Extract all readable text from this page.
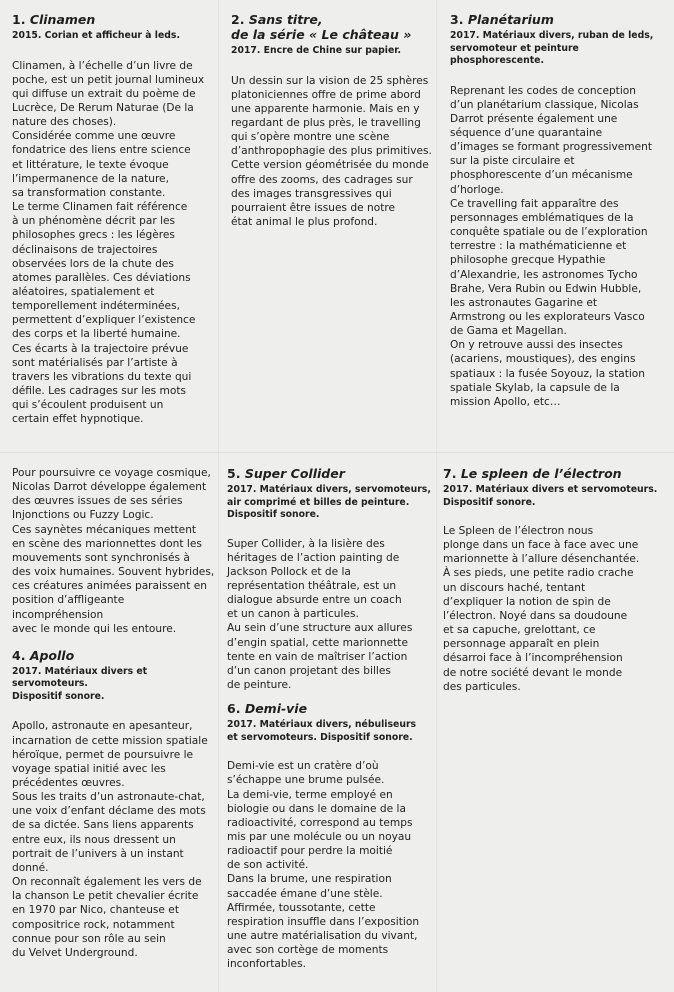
1. Clinamen

2015. Corian et afficheur à leds.

Clinamen, à l’échelle d’un livre de
poche, est un petit journal lumineux
qui diffuse un extrait du poème de
Lucrèce, De Rerum Naturae (De la
nature des choses).
Considérée comme une œuvre
fondatrice des liens entre science
et littérature, le texte évoque
l’impermanence de la nature,
sa transformation constante.
Le terme Clinamen fait référence
à un phénomène décrit par les
philosophes grecs : les légères
déclinaisons de trajectoires
observées lors de la chute des
atomes parallèles. Ces déviations
aléatoires, spatialement et
temporellement indéterminées,
permettent d’expliquer l’existence
des corps et la liberté humaine.
Ces écarts à la trajectoire prévue
sont matérialisés par l’artiste à
travers les vibrations du texte qui
défile. Les cadrages sur les mots
qui s’écoulent produisent un
certain effet hypnotique.
2. Sans titre,
de la série « Le château »

2017. Encre de Chine sur papier.

Un dessin sur la vision de 25 sphères
platoniciennes offre de prime abord
une apparente harmonie. Mais en y
regardant de plus près, le travelling
qui s’opère montre une scène
d’anthropophagie des plus primitives.
Cette version géométrisée du monde
offre des zooms, des cadrages sur
des images transgressives qui
pourraient être issues de notre
état animal le plus profond.
3. Planétarium
2017. Matériaux divers, ruban de leds,
servomoteur et peinture phosphorescente.
Reprenant les codes de conception
d’un planétarium classique, Nicolas
Darrot présente également une
séquence d’une quarantaine
d’images se formant progressivement
sur la piste circulaire et
phosphorescente d’un mécanisme
d’horloge.
Ce travelling fait apparaître des
personnages emblématiques de la
conquête spatiale ou de l’exploration
terrestre : la mathématicienne et
philosophe grecque Hypathie
d’Alexandrie, les astronomes Tycho
Brahe, Vera Rubin ou Edwin Hubble,
les astronautes Gagarine et
Armstrong ou les explorateurs Vasco
de Gama et Magellan.
On y retrouve aussi des insectes
(acariens, moustiques), des engins
spatiaux : la fusée Soyouz, la station
spatiale Skylab, la capsule de la
mission Apollo, etc…
Pour poursuivre ce voyage cosmique,
Nicolas Darrot développe également
des œuvres issues de ses séries
Injonctions ou Fuzzy Logic.
Ces saynètes mécaniques mettent
en scène des marionnettes dont les
mouvements sont synchronisés à
des voix humaines. Souvent hybrides,
ces créatures animées paraissent en
position d’affligeante incompréhension
avec le monde qui les entoure.
4. Apollo
2017. Matériaux divers et servomoteurs.
Dispositif sonore.
Apollo, astronaute en apesanteur,
incarnation de cette mission spatiale
héroïque, permet de poursuivre le
voyage spatial initié avec les
précédentes œuvres.
Sous les traits d’un astronaute-chat,
une voix d’enfant déclame des mots
de sa dictée. Sans liens apparents
entre eux, ils nous dressent un
portrait de l’univers à un instant
donné.
On reconnaît également les vers de
la chanson Le petit chevalier écrite
en 1970 par Nico, chanteuse et
compositrice rock, notamment
connue pour son rôle au sein
du Velvet Underground.
5. Super Collider
2017. Matériaux divers, servomoteurs,
air comprimé et billes de peinture.
Dispositif sonore.
Super Collider, à la lisière des
héritages de l’action painting de
Jackson Pollock et de la
représentation théâtrale, est un
dialogue absurde entre un coach
et un canon à particules.
Au sein d’une structure aux allures
d’engin spatial, cette marionnette
tente en vain de maîtriser l’action
d’un canon projetant des billes
de peinture.
6. Demi-vie
2017. Matériaux divers, nébuliseurs
et servomoteurs. Dispositif sonore.
Demi-vie est un cratère d’où
s’échappe une brume pulsée.
La demi-vie, terme employé en
biologie ou dans le domaine de la
radioactivité, correspond au temps
mis par une molécule ou un noyau
radioactif pour perdre la moitié
de son activité.
Dans la brume, une respiration
saccadée émane d’une stèle.
Affirmée, toussotante, cette
respiration insuffle dans l’exposition
une autre matérialisation du vivant,
avec son cortège de moments
inconfortables.
7. Le spleen de l’électron
2017. Matériaux divers et servomoteurs.
Dispositif sonore.
Le Spleen de l’électron nous
plonge dans un face à face avec une
marionnette à l’allure désenchantée.
À ses pieds, une petite radio crache
un discours haché, tentant
d’expliquer la notion de spin de
l’électron. Noyé dans sa doudoune
et sa capuche, grelottant, ce
personnage apparaît en plein
désarroi face à l’incompréhension
de notre société devant le monde
des particules.
